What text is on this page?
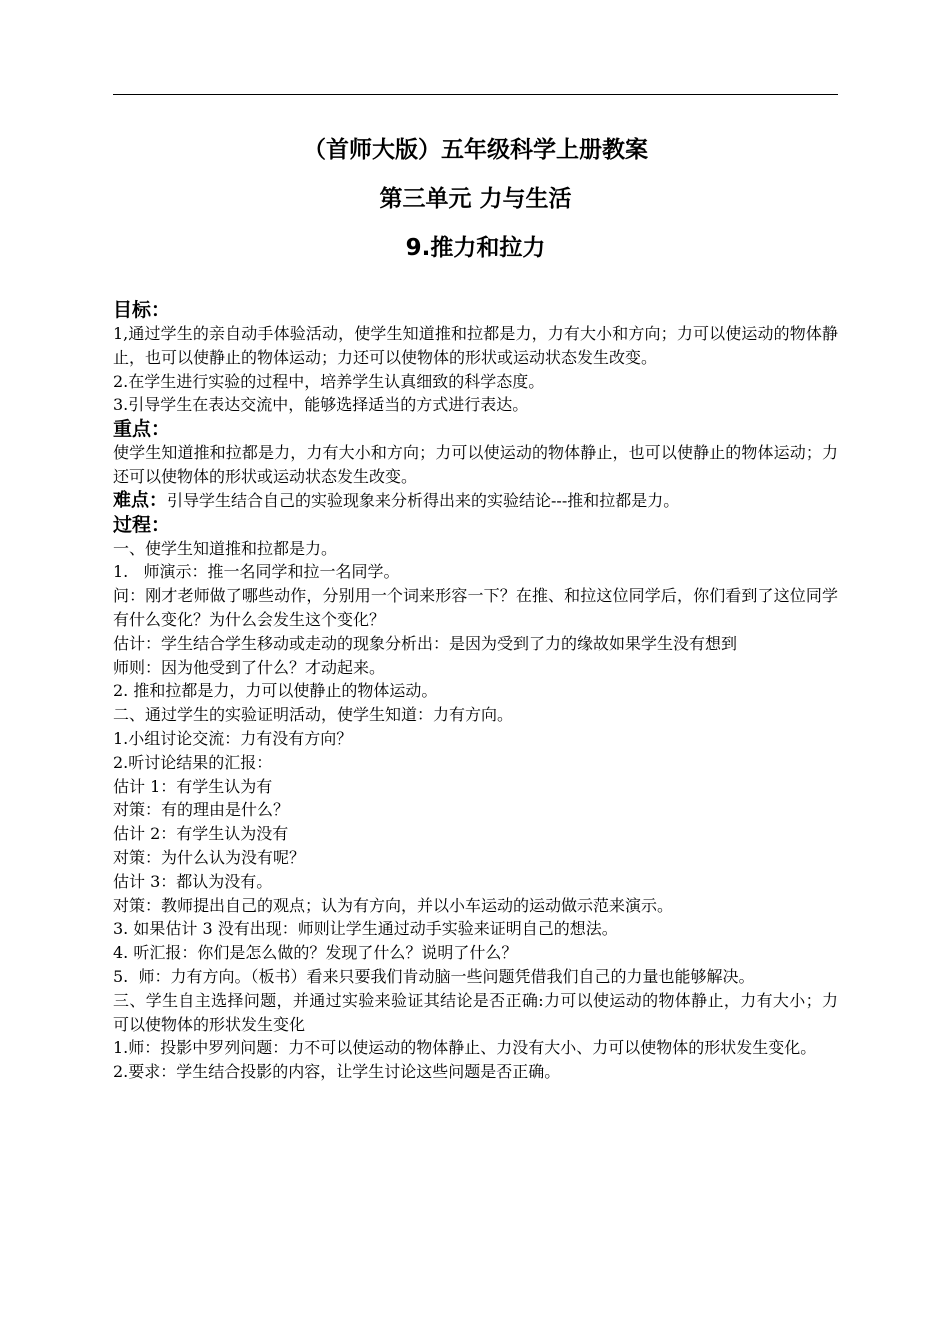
（首师大版）五年级科学上册教案
第三单元 力与生活
9.推力和拉力
目标：
1,通过学生的亲自动手体验活动，使学生知道推和拉都是力，力有大小和方向；力可以使运动的物体静止，也可以使静止的物体运动；力还可以使物体的形状或运动状态发生改变。
2.在学生进行实验的过程中，培养学生认真细致的科学态度。
3.引导学生在表达交流中，能够选择适当的方式进行表达。
重点：
使学生知道推和拉都是力，力有大小和方向；力可以使运动的物体静止，也可以使静止的物体运动；力还可以使物体的形状或运动状态发生改变。
难点：引导学生结合自己的实验现象来分析得出来的实验结论---推和拉都是力。
过程：
一、使学生知道推和拉都是力。
1.   师演示：推一名同学和拉一名同学。
问：刚才老师做了哪些动作，分别用一个词来形容一下？在推、和拉这位同学后，你们看到了这位同学有什么变化？为什么会发生这个变化？
估计：学生结合学生移动或走动的现象分析出：是因为受到了力的缘故如果学生没有想到
师则：因为他受到了什么？才动起来。
2. 推和拉都是力，力可以使静止的物体运动。
二、通过学生的实验证明活动，使学生知道：力有方向。
1.小组讨论交流：力有没有方向？
2.听讨论结果的汇报：
估计 1：有学生认为有
对策：有的理由是什么？
估计 2：有学生认为没有
对策：为什么认为没有呢？
估计 3：都认为没有。
对策：教师提出自己的观点；认为有方向，并以小车运动的运动做示范来演示。
3. 如果估计 3 没有出现：师则让学生通过动手实验来证明自己的想法。
4. 听汇报：你们是怎么做的？发现了什么？说明了什么？
5.  师：力有方向。（板书）看来只要我们肯动脑一些问题凭借我们自己的力量也能够解决。
三、学生自主选择问题，并通过实验来验证其结论是否正确:力可以使运动的物体静止，力有大小；力可以使物体的形状发生变化
1.师：投影中罗列问题：力不可以使运动的物体静止、力没有大小、力可以使物体的形状发生变化。
2.要求：学生结合投影的内容，让学生讨论这些问题是否正确。
